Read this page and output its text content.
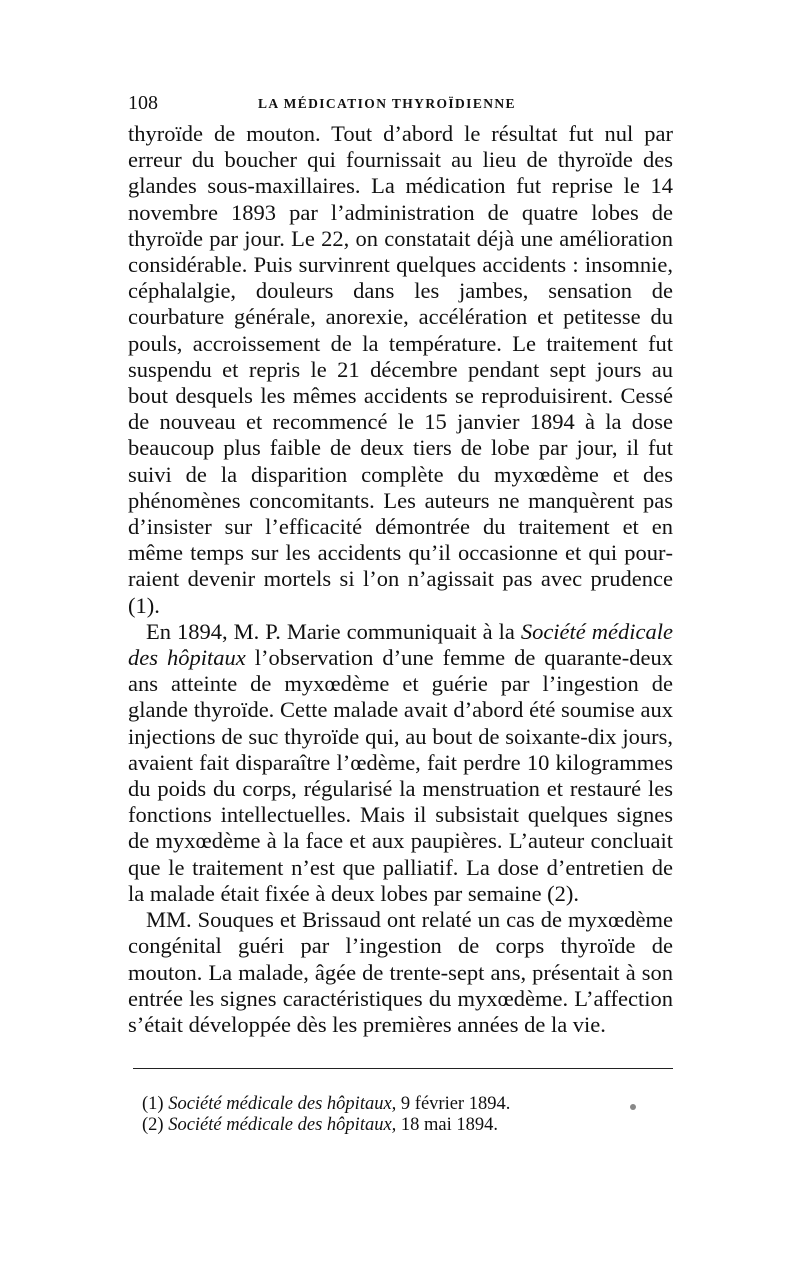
108	LA MÉDICATION THYROÏDIENNE

thyroïde de mouton. Tout d’abord le résultat fut nul par erreur du boucher qui fournissait au lieu de thyroïde des glandes sous-maxillaires. La médication fut reprise le 14 novembre 1893 par l’administration de quatre lobes de thyroïde par jour. Le 22, on constatait déjà une amélioration considérable. Puis survinrent quelques accidents : insomnie, céphalalgie, douleurs dans les jambes, sensation de courbature générale, anorexie, accélération et petitesse du pouls, accroissement de la température. Le traitement fut suspendu et repris le 21 décembre pendant sept jours au bout desquels les mêmes accidents se reproduisirent. Cessé de nouveau et recommencé le 15 janvier 1894 à la dose beaucoup plus faible de deux tiers de lobe par jour, il fut suivi de la disparition complète du myxœdème et des phénomènes concomitants. Les auteurs ne manquèrent pas d’insister sur l’efficacité démontrée du traitement et en même temps sur les accidents qu’il occasionne et qui pourraient devenir mortels si l’on n’agissait pas avec prudence (1).

En 1894, M. P. Marie communiquait à la Société médicale des hôpitaux l’observation d’une femme de quarante-deux ans atteinte de myxœdème et guérie par l’ingestion de glande thyroïde. Cette malade avait d’abord été soumise aux injections de suc thyroïde qui, au bout de soixante-dix jours, avaient fait disparaître l’œdème, fait perdre 10 kilogrammes du poids du corps, régularisé la menstruation et restauré les fonctions intellectuelles. Mais il subsistait quelques signes de myxœdème à la face et aux paupières. L’auteur concluait que le traitement n’est que palliatif. La dose d’entretien de la malade était fixée à deux lobes par semaine (2).

MM. Souques et Brissaud ont relaté un cas de myxœdème congénital guéri par l’ingestion de corps thyroïde de mouton. La malade, âgée de trente-sept ans, présentait à son entrée les signes caractéristiques du myxœdème. L’affection s’était développée dès les premières années de la vie.

(1) Société médicale des hôpitaux, 9 février 1894.
(2) Société médicale des hôpitaux, 18 mai 1894.
